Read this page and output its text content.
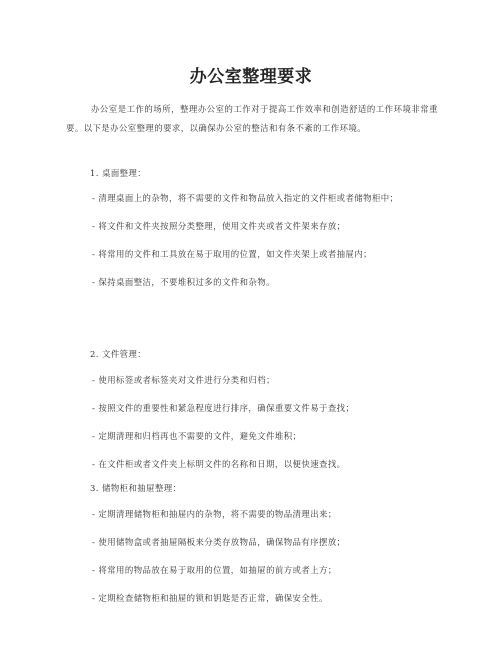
办公室整理要求
办公室是工作的场所，整理办公室的工作对于提高工作效率和创造舒适的工作环境非常重要。以下是办公室整理的要求，以确保办公室的整洁和有条不紊的工作环境。
1. 桌面整理：
- 清理桌面上的杂物，将不需要的文件和物品放入指定的文件柜或者储物柜中；
- 将文件和文件夹按照分类整理，使用文件夹或者文件架来存放；
- 将常用的文件和工具放在易于取用的位置，如文件夹架上或者抽屉内；
- 保持桌面整洁，不要堆积过多的文件和杂物。
2. 文件管理：
- 使用标签或者标签夹对文件进行分类和归档；
- 按照文件的重要性和紧急程度进行排序，确保重要文件易于查找；
- 定期清理和归档再也不需要的文件，避免文件堆积；
- 在文件柜或者文件夹上标明文件的名称和日期，以便快速查找。
3. 储物柜和抽屉整理：
- 定期清理储物柜和抽屉内的杂物，将不需要的物品清理出来；
- 使用储物盒或者抽屉隔板来分类存放物品，确保物品有序摆放；
- 将常用的物品放在易于取用的位置，如抽屉的前方或者上方；
- 定期检查储物柜和抽屉的锁和钥匙是否正常，确保安全性。
